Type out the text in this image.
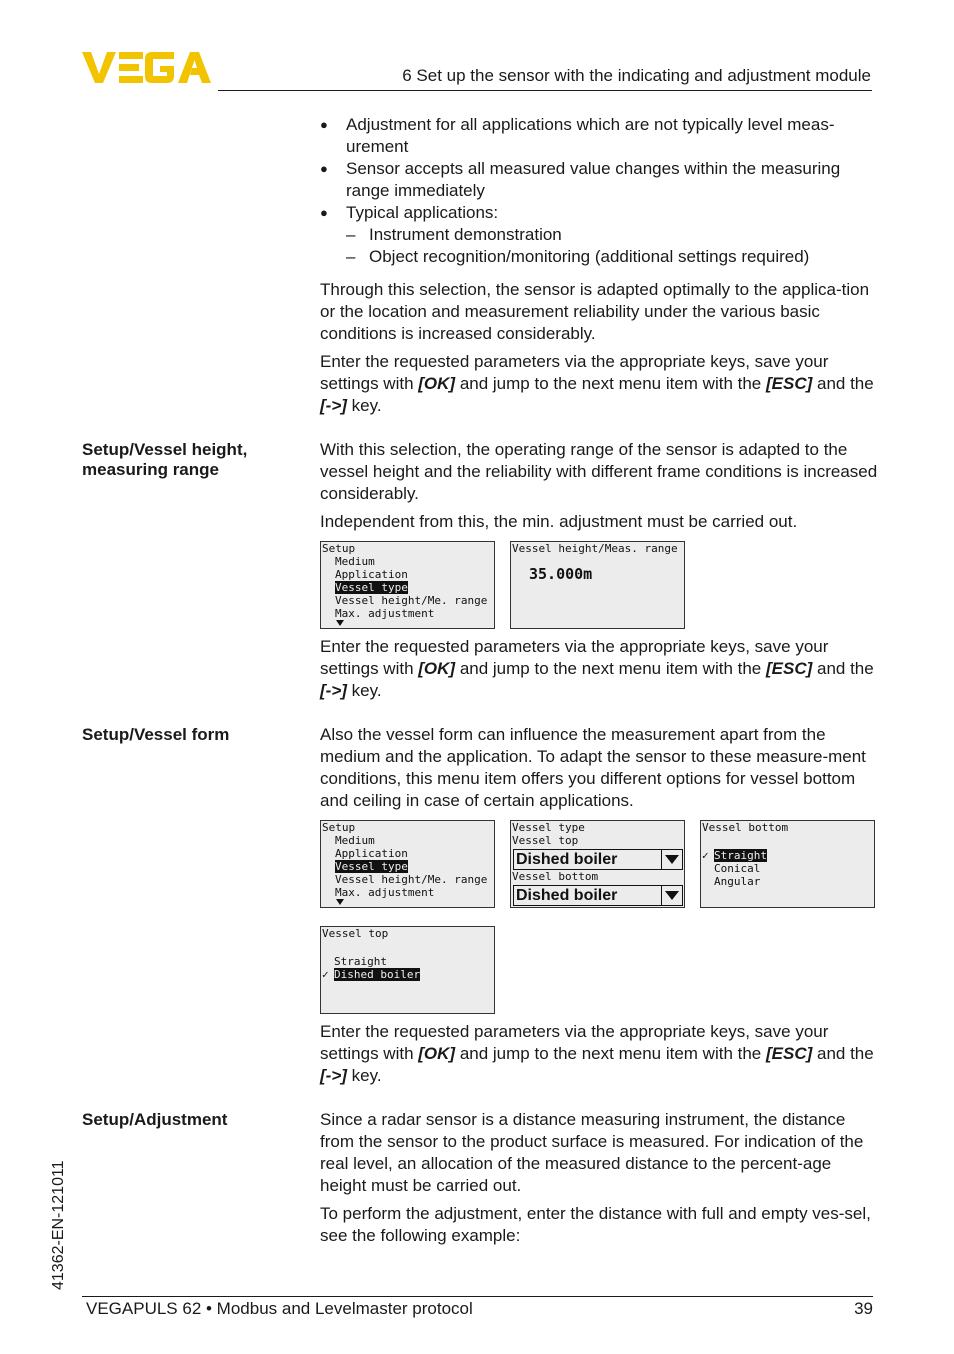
6 Set up the sensor with the indicating and adjustment module
● Adjustment for all applications which are not typically level meas-urement
● Sensor accepts all measured value changes within the measuring range immediately
● Typical applications:
– Instrument demonstration
– Object recognition/monitoring (additional settings required)
Through this selection, the sensor is adapted optimally to the applica-tion or the location and measurement reliability under the various basic conditions is increased considerably.
Enter the requested parameters via the appropriate keys, save your settings with [OK] and jump to the next menu item with the [ESC] and the [->] key.
Setup/Vessel height, measuring range
With this selection, the operating range of the sensor is adapted to the vessel height and the reliability with different frame conditions is increased considerably.
Independent from this, the min. adjustment must be carried out.
Setup
Medium
Application
Vessel type
Vessel height/Me. range
Max. adjustment
Vessel height/Meas. range
35.000m
Enter the requested parameters via the appropriate keys, save your settings with [OK] and jump to the next menu item with the [ESC] and the [->] key.
Setup/Vessel form	Also the vessel form can influence the measurement apart from the medium and the application. To adapt the sensor to these measure-ment conditions, this menu item offers you different options for vessel bottom and ceiling in case of certain applications.
Setup
Medium
Application
Vessel type
Vessel height/Me. range
Max. adjustment
Vessel type
Vessel top
Dished boiler
Vessel bottom
Dished boiler
Vessel bottom
✓ Straight
Conical
Angular
Vessel top
Straight
✓ Dished boiler
Enter the requested parameters via the appropriate keys, save your settings with [OK] and jump to the next menu item with the [ESC] and the [->] key.
Setup/Adjustment	Since a radar sensor is a distance measuring instrument, the distance from the sensor to the product surface is measured. For indication of the real level, an allocation of the measured distance to the percent-age height must be carried out.
To perform the adjustment, enter the distance with full and empty ves-sel, see the following example:
41362-EN-121011
VEGAPULS 62 • Modbus and Levelmaster protocol	39
